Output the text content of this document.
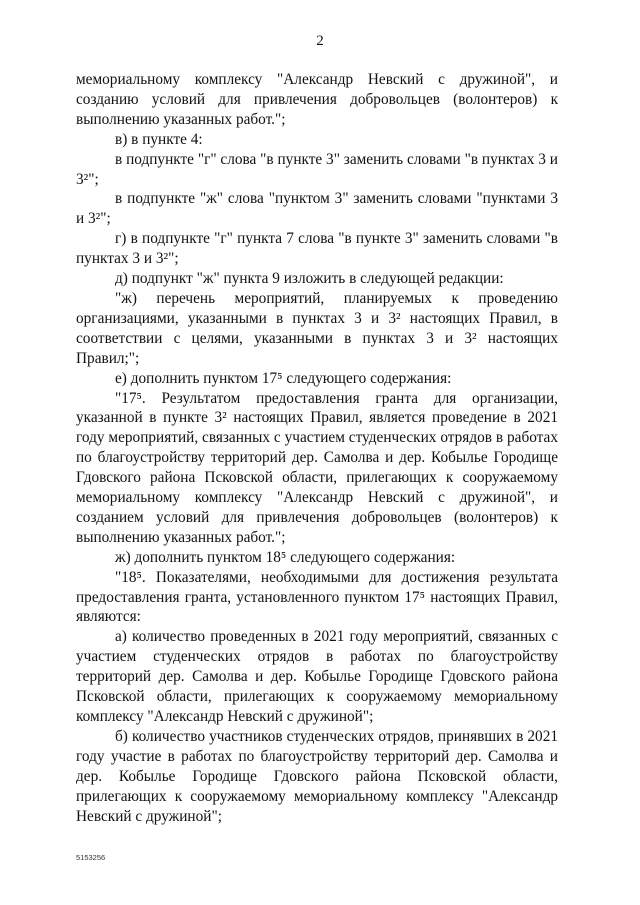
2

мемориальному комплексу "Александр Невский с дружиной", и созданию условий для привлечения добровольцев (волонтеров) к выполнению указанных работ.";

в) в пункте 4:

в подпункте "г" слова "в пункте 3" заменить словами "в пунктах 3 и 3²";

в подпункте "ж" слова "пунктом 3" заменить словами "пунктами 3 и 3²";

г) в подпункте "г" пункта 7 слова "в пункте 3" заменить словами "в пунктах 3 и 3²";

д) подпункт "ж" пункта 9 изложить в следующей редакции:

"ж) перечень мероприятий, планируемых к проведению организациями, указанными в пунктах 3 и 3² настоящих Правил, в соответствии с целями, указанными в пунктах 3 и 3² настоящих Правил;";

е) дополнить пунктом 17⁵ следующего содержания:

"17⁵. Результатом предоставления гранта для организации, указанной в пункте 3² настоящих Правил, является проведение в 2021 году мероприятий, связанных с участием студенческих отрядов в работах по благоустройству территорий дер. Самолва и дер. Кобылье Городище Гдовского района Псковской области, прилегающих к сооружаемому мемориальному комплексу "Александр Невский с дружиной", и созданием условий для привлечения добровольцев (волонтеров) к выполнению указанных работ.";

ж) дополнить пунктом 18⁵ следующего содержания:

"18⁵. Показателями, необходимыми для достижения результата предоставления гранта, установленного пунктом 17⁵ настоящих Правил, являются:

а) количество проведенных в 2021 году мероприятий, связанных с участием студенческих отрядов в работах по благоустройству территорий дер. Самолва и дер. Кобылье Городище Гдовского района Псковской области, прилегающих к сооружаемому мемориальному комплексу "Александр Невский с дружиной";

б) количество участников студенческих отрядов, принявших в 2021 году участие в работах по благоустройству территорий дер. Самолва и дер. Кобылье Городище Гдовского района Псковской области, прилегающих к сооружаемому мемориальному комплексу "Александр Невский с дружиной";

5153256
